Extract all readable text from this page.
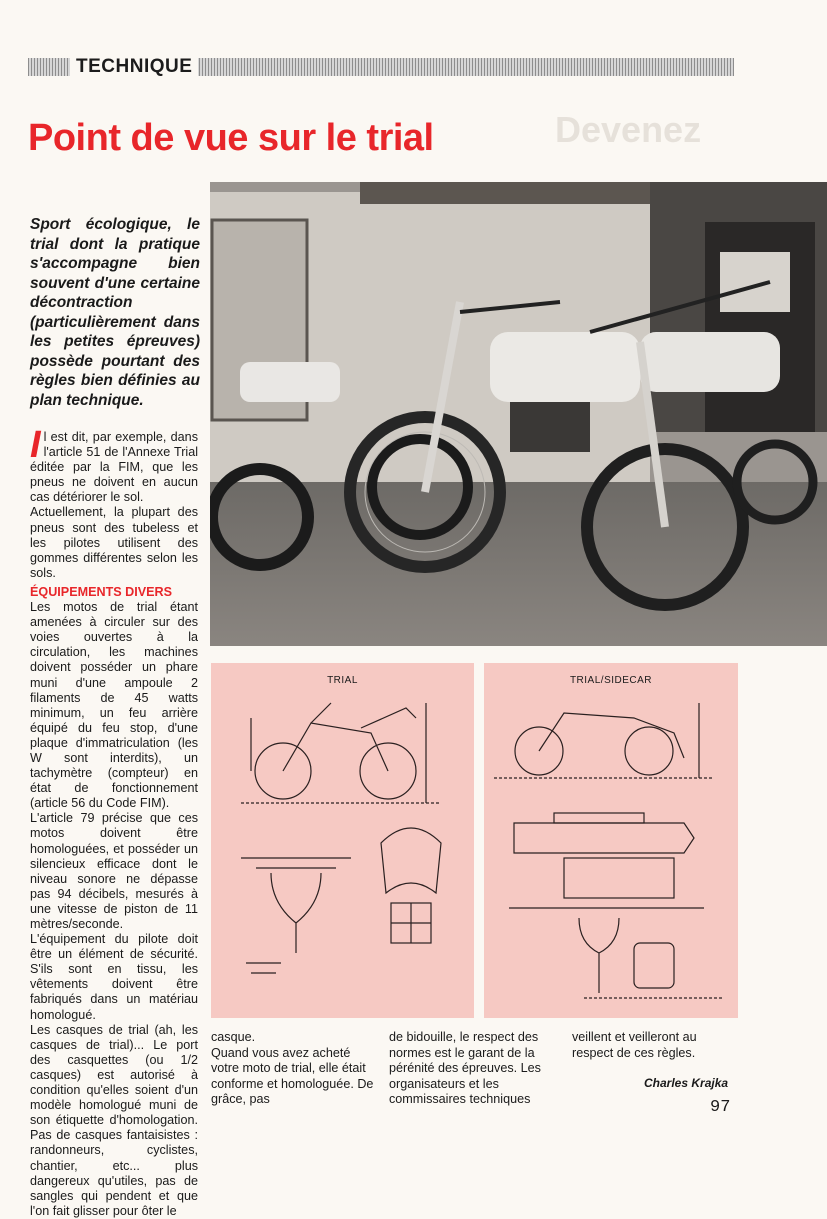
TECHNIQUE
Devenez
Point de vue sur le trial
Sport écologique, le trial dont la pratique s'accompagne bien souvent d'une certaine décontraction (particulièrement dans les petites épreuves) possède pourtant des règles bien définies au plan technique.

Il est dit, par exemple, dans l'article 51 de l'Annexe Trial éditée par la FIM, que les pneus ne doivent en aucun cas détériorer le sol.

Actuellement, la plupart des pneus sont des tubeless et les pilotes utilisent des gommes différentes selon les sols.

ÉQUIPEMENTS DIVERS

Les motos de trial étant amenées à circuler sur des voies ouvertes à la circulation, les machines doivent posséder un phare muni d'une ampoule 2 filaments de 45 watts minimum, un feu arrière équipé du feu stop, d'une plaque d'immatriculation (les W sont interdits), un tachymètre (compteur) en état de fonctionnement (article 56 du Code FIM).

L'article 79 précise que ces motos doivent être homologuées, et posséder un silencieux efficace dont le niveau sonore ne dépasse pas 94 décibels, mesurés à une vitesse de piston de 11 mètres/seconde.

L'équipement du pilote doit être un élément de sécurité. S'ils sont en tissu, les vêtements doivent être fabriqués dans un matériau homologué.

Les casques de trial (ah, les casques de trial)... Le port des casquettes (ou 1/2 casques) est autorisé à condition qu'elles soient d'un modèle homologué muni de son étiquette d'homologation. Pas de casques fantaisistes : randonneurs, cyclistes, chantier, etc... plus dangereux qu'utiles, pas de sangles qui pendent et que l'on fait glisser pour ôter le

TRIAL	TRIAL/SIDECAR
casque.
Quand vous avez acheté votre moto de trial, elle était conforme et homologuée. De grâce, pas
de bidouille, le respect des normes est le garant de la pérénité des épreuves. Les organisateurs et les commissaires techniques
veillent et veilleront au respect de ces règles.
Charles Krajka
97
